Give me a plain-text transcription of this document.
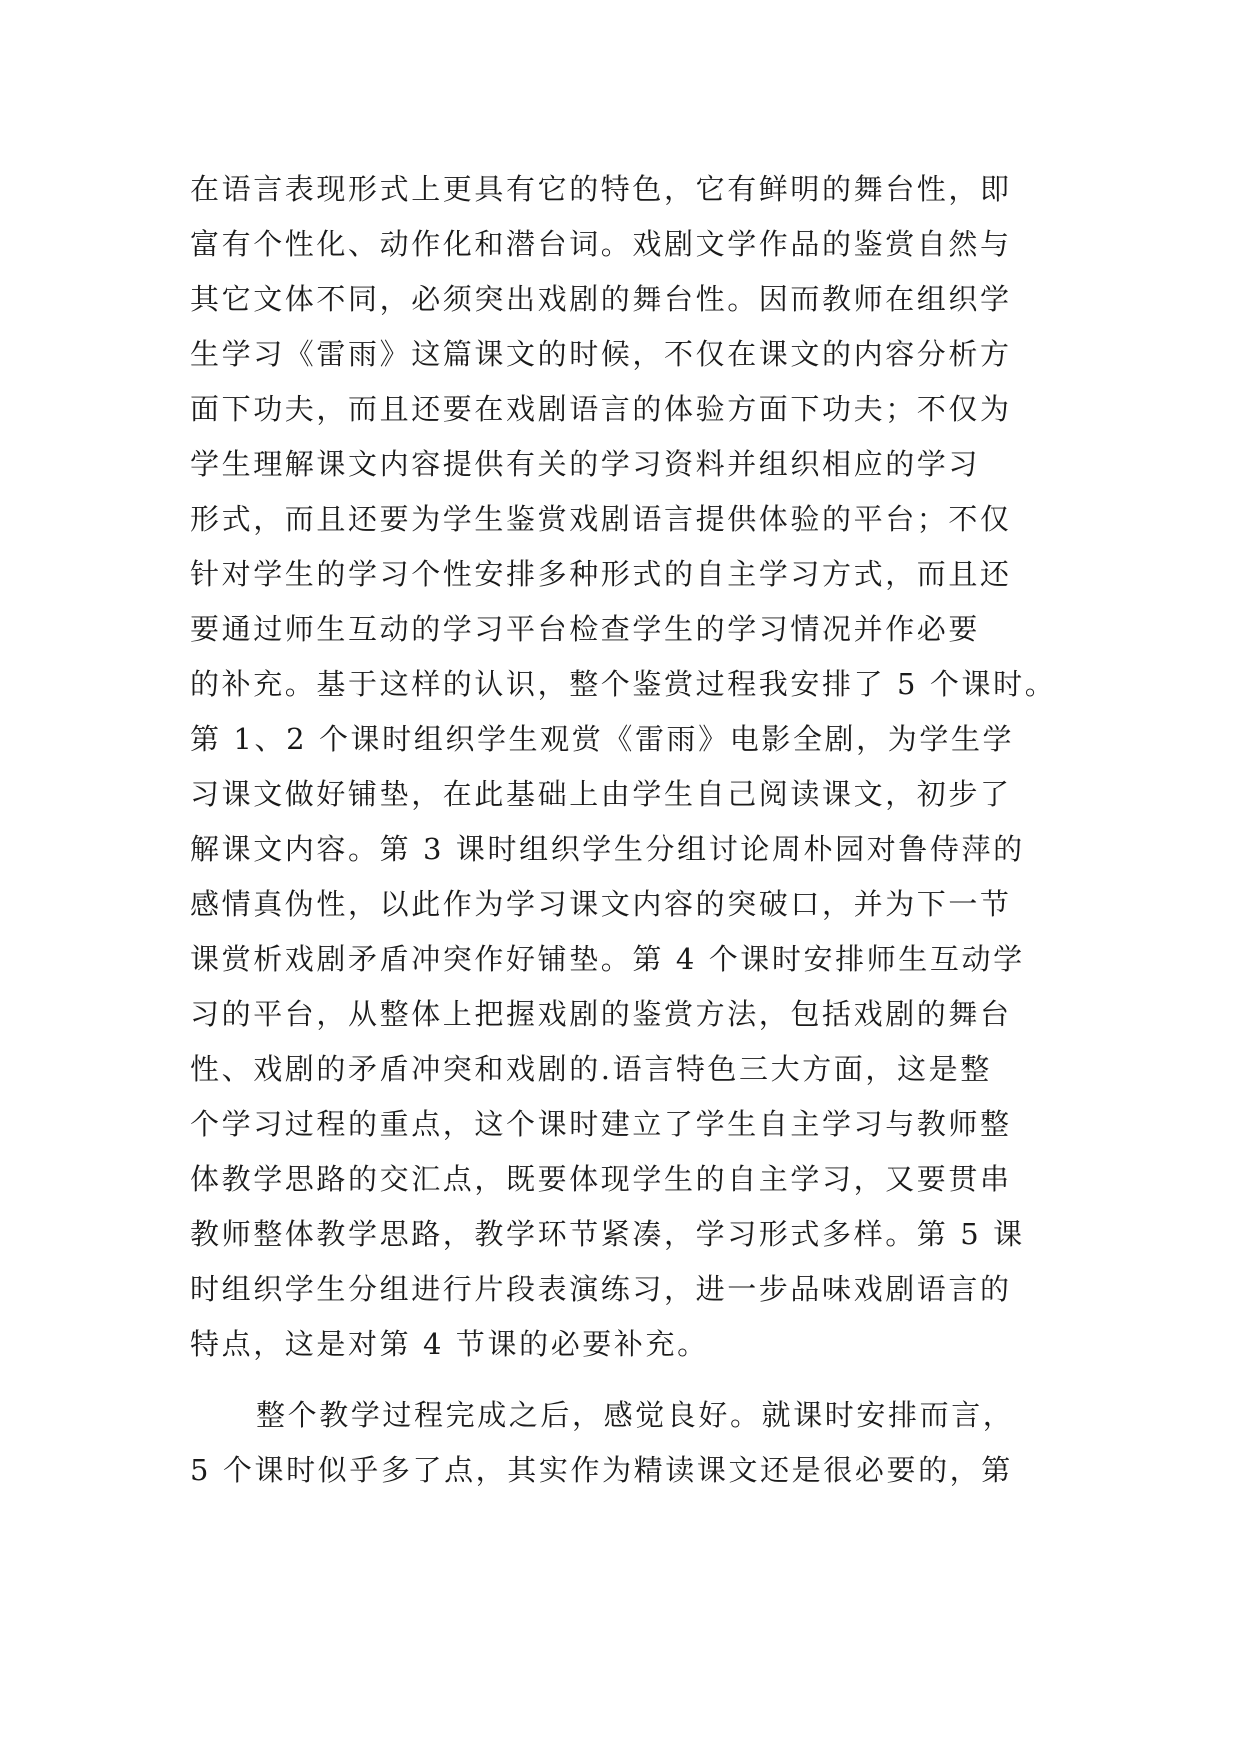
在语言表现形式上更具有它的特色，它有鲜明的舞台性，即
富有个性化、动作化和潜台词。戏剧文学作品的鉴赏自然与
其它文体不同，必须突出戏剧的舞台性。因而教师在组织学
生学习《雷雨》这篇课文的时候，不仅在课文的内容分析方
面下功夫，而且还要在戏剧语言的体验方面下功夫；不仅为
学生理解课文内容提供有关的学习资料并组织相应的学习
形式，而且还要为学生鉴赏戏剧语言提供体验的平台；不仅
针对学生的学习个性安排多种形式的自主学习方式，而且还
要通过师生互动的学习平台检查学生的学习情况并作必要
的补充。基于这样的认识，整个鉴赏过程我安排了 5 个课时。
第 1、2 个课时组织学生观赏《雷雨》电影全剧，为学生学
习课文做好铺垫，在此基础上由学生自己阅读课文，初步了
解课文内容。第 3 课时组织学生分组讨论周朴园对鲁侍萍的
感情真伪性，以此作为学习课文内容的突破口，并为下一节
课赏析戏剧矛盾冲突作好铺垫。第 4 个课时安排师生互动学
习的平台，从整体上把握戏剧的鉴赏方法，包括戏剧的舞台
性、戏剧的矛盾冲突和戏剧的.语言特色三大方面，这是整
个学习过程的重点，这个课时建立了学生自主学习与教师整
体教学思路的交汇点，既要体现学生的自主学习，又要贯串
教师整体教学思路，教学环节紧凑，学习形式多样。第 5 课
时组织学生分组进行片段表演练习，进一步品味戏剧语言的
特点，这是对第 4 节课的必要补充。
整个教学过程完成之后，感觉良好。就课时安排而言，
5 个课时似乎多了点，其实作为精读课文还是很必要的，第
